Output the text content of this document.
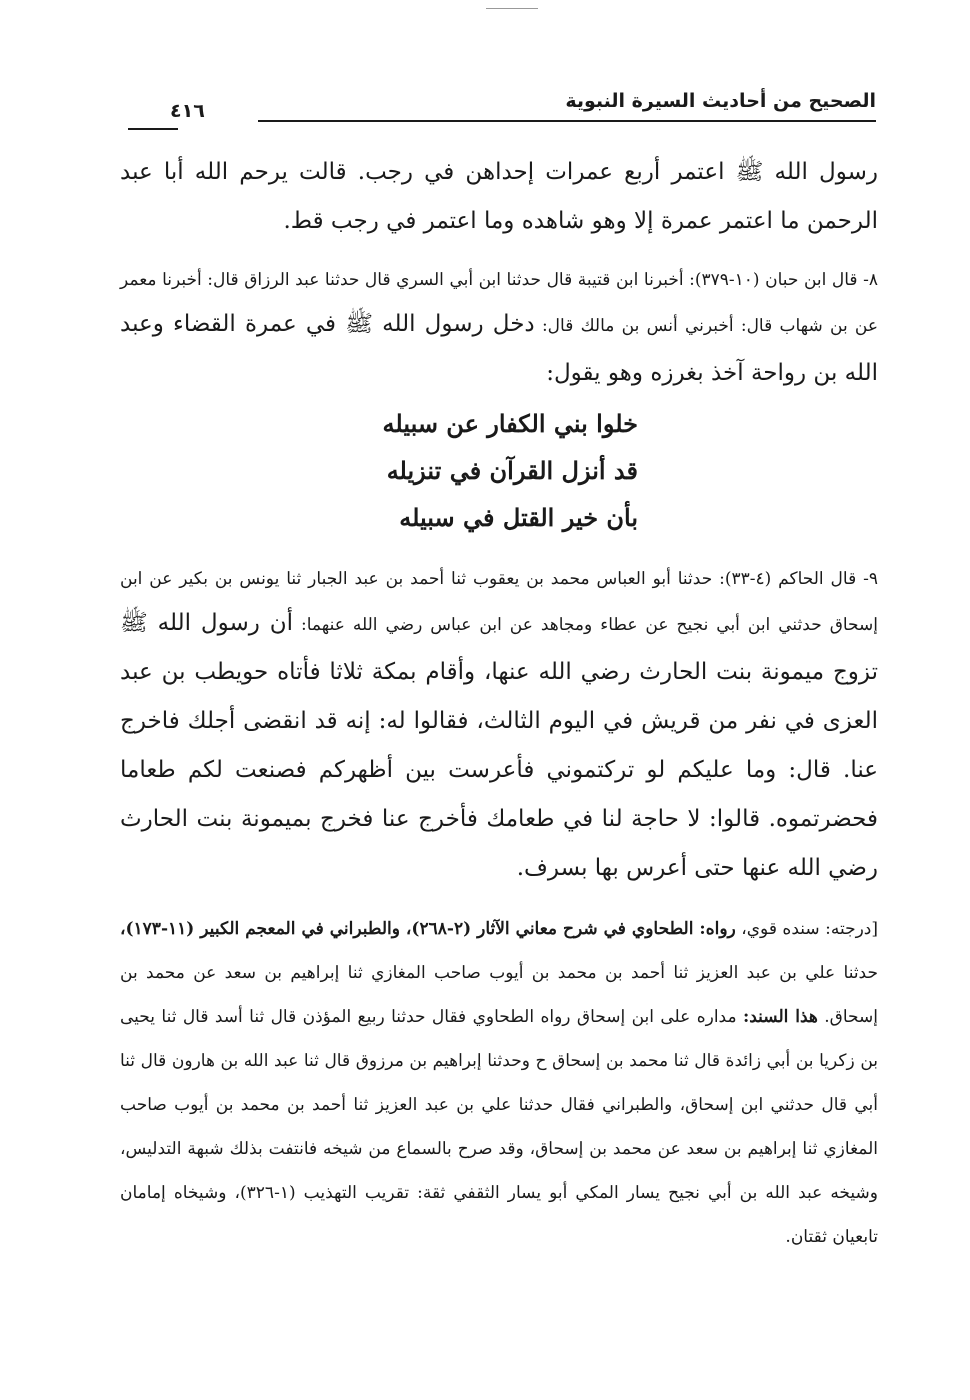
٤١٦	الصحيح من أحاديث السيرة النبوية

رسول الله ﷺ اعتمر أربع عمرات إحداهن في رجب. قالت يرحم الله أبا عبد الرحمن ما اعتمر عمرة إلا وهو شاهده وما اعتمر في رجب قط.

٨- قال ابن حبان (١٠-٣٧٩): أخبرنا ابن قتيبة قال حدثنا ابن أبي السري قال حدثنا عبد الرزاق قال: أخبرنا معمر عن بن شهاب قال: أخبرني أنس بن مالك قال: دخل رسول الله ﷺ في عمرة القضاء وعبد الله بن رواحة آخذ بغرزه وهو يقول:

خلوا بني الكفار عن سبيله
قد أنزل القرآن في تنزيله
بأن خير القتل في سبيله

٩- قال الحاكم (٤-٣٣): حدثنا أبو العباس محمد بن يعقوب ثنا أحمد بن عبد الجبار ثنا يونس بن بكير عن ابن إسحاق حدثني ابن أبي نجيح عن عطاء ومجاهد عن ابن عباس رضي الله عنهما: أن رسول الله ﷺ تزوج ميمونة بنت الحارث رضي الله عنها، وأقام بمكة ثلاثا فأتاه حويطب بن عبد العزى في نفر من قريش في اليوم الثالث، فقالوا له: إنه قد انقضى أجلك فاخرج عنا. قال: وما عليكم لو تركتموني فأعرست بين أظهركم فصنعت لكم طعاما فحضرتموه. قالوا: لا حاجة لنا في طعامك فأخرج عنا فخرج بميمونة بنت الحارث رضي الله عنها حتى أعرس بها بسرف.

[درجته: سنده قوي، رواه: الطحاوي في شرح معاني الآثار (٢-٢٦٨)، والطبراني في المعجم الكبير (١١-١٧٣)، حدثنا علي بن عبد العزيز ثنا أحمد بن محمد بن أيوب صاحب المغازي ثنا إبراهيم بن سعد عن محمد بن إسحاق. هذا السند: مداره على ابن إسحاق رواه الطحاوي فقال حدثنا ربيع المؤذن قال ثنا أسد قال ثنا يحيى بن زكريا بن أبي زائدة قال ثنا محمد بن إسحاق ح وحدثنا إبراهيم بن مرزوق قال ثنا عبد الله بن هارون قال ثنا أبي قال حدثني ابن إسحاق، والطبراني فقال حدثنا علي بن عبد العزيز ثنا أحمد بن محمد بن أيوب صاحب المغازي ثنا إبراهيم بن سعد عن محمد بن إسحاق، وقد صرح بالسماع من شيخه فانتفت بذلك شبهة التدليس، وشيخه عبد الله بن أبي نجيح يسار المكي أبو يسار الثقفي ثقة: تقريب التهذيب (١-٣٢٦)، وشيخاه إمامان تابعيان ثقتان.
